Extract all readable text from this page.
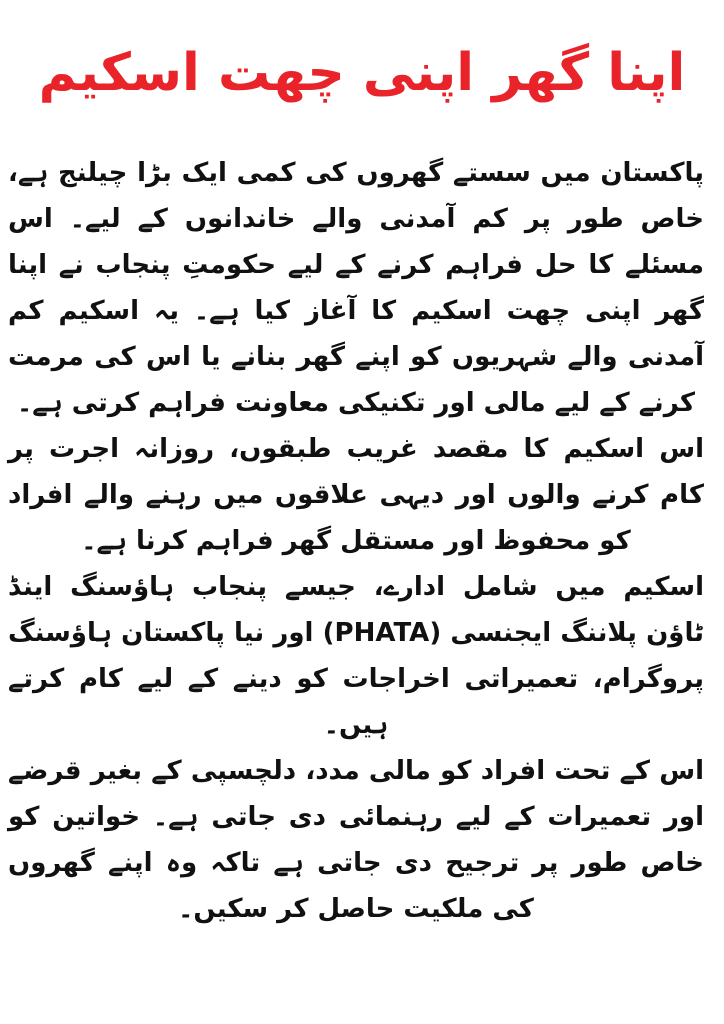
اپنا گھر اپنی چھت اسکیم

پاکستان میں سستے گھروں کی کمی ایک بڑا چیلنج ہے، خاص طور پر کم آمدنی والے خاندانوں کے لیے۔ اس مسئلے کا حل فراہم کرنے کے لیے حکومتِ پنجاب نے اپنا گھر اپنی چھت اسکیم کا آغاز کیا ہے۔ یہ اسکیم کم آمدنی والے شہریوں کو اپنے گھر بنانے یا اس کی مرمت کرنے کے لیے مالی اور تکنیکی معاونت فراہم کرتی ہے۔

اس اسکیم کا مقصد غریب طبقوں، روزانہ اجرت پر کام کرنے والوں اور دیہی علاقوں میں رہنے والے افراد کو محفوظ اور مستقل گھر فراہم کرنا ہے۔

اسکیم میں شامل ادارے، جیسے پنجاب ہاؤسنگ اینڈ ٹاؤن پلاننگ ایجنسی (PHATA) اور نیا پاکستان ہاؤسنگ پروگرام، تعمیراتی اخراجات کو دینے کے لیے کام کرتے ہیں۔

اس کے تحت افراد کو مالی مدد، دلچسپی کے بغیر قرضے اور تعمیرات کے لیے رہنمائی دی جاتی ہے۔ خواتین کو خاص طور پر ترجیح دی جاتی ہے تاکہ وہ اپنے گھروں کی ملکیت حاصل کر سکیں۔
